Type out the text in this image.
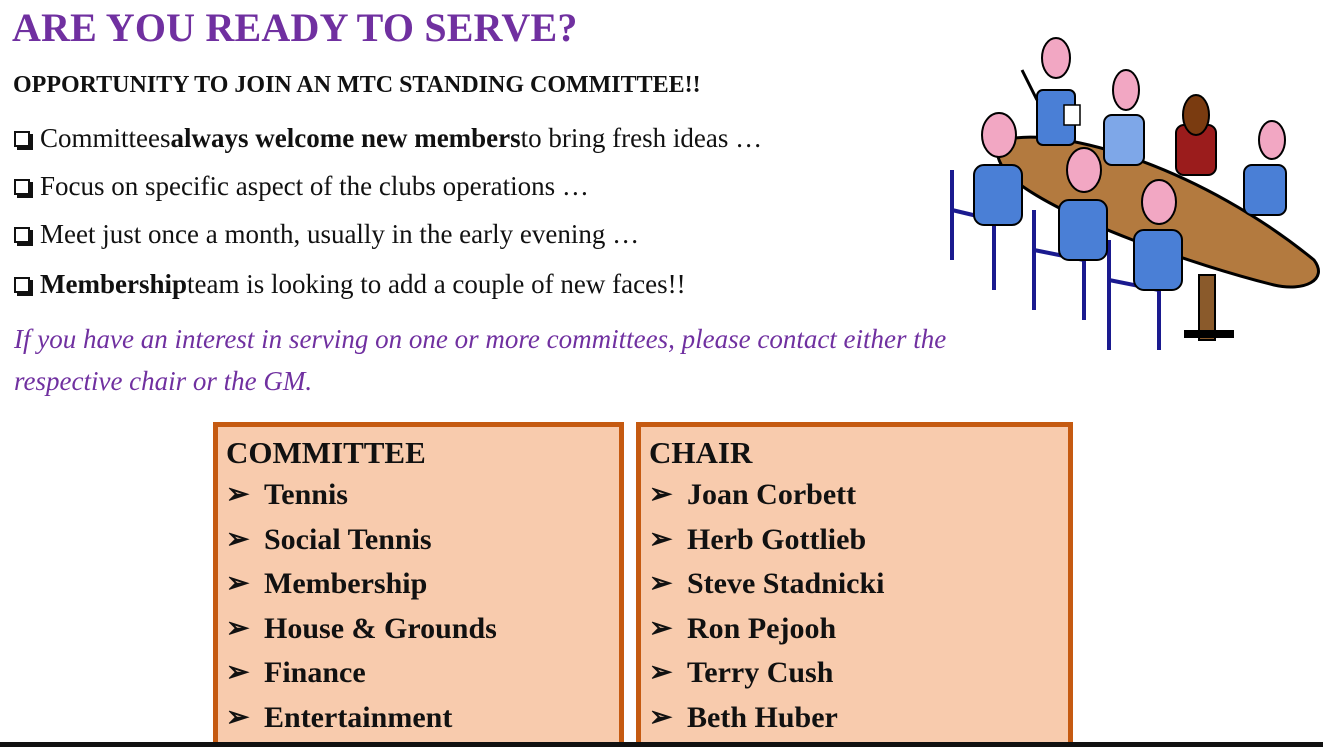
ARE YOU READY TO SERVE?
OPPORTUNITY TO JOIN AN MTC STANDING COMMITTEE!!
Committees always welcome new members to bring fresh ideas …
Focus on specific aspect of the clubs operations …
Meet just once a month, usually in the early evening …
Membership team is looking to add a couple of new faces!!

If you have an interest in serving on one or more committees, please contact either the respective chair or the GM.

COMMITTEE
➢ Tennis
➢ Social Tennis
➢ Membership
➢ House & Grounds
➢ Finance
➢ Entertainment
CHAIR
➢ Joan Corbett
➢ Herb Gottlieb
➢ Steve Stadnicki
➢ Ron Pejooh
➢ Terry Cush
➢ Beth Huber
